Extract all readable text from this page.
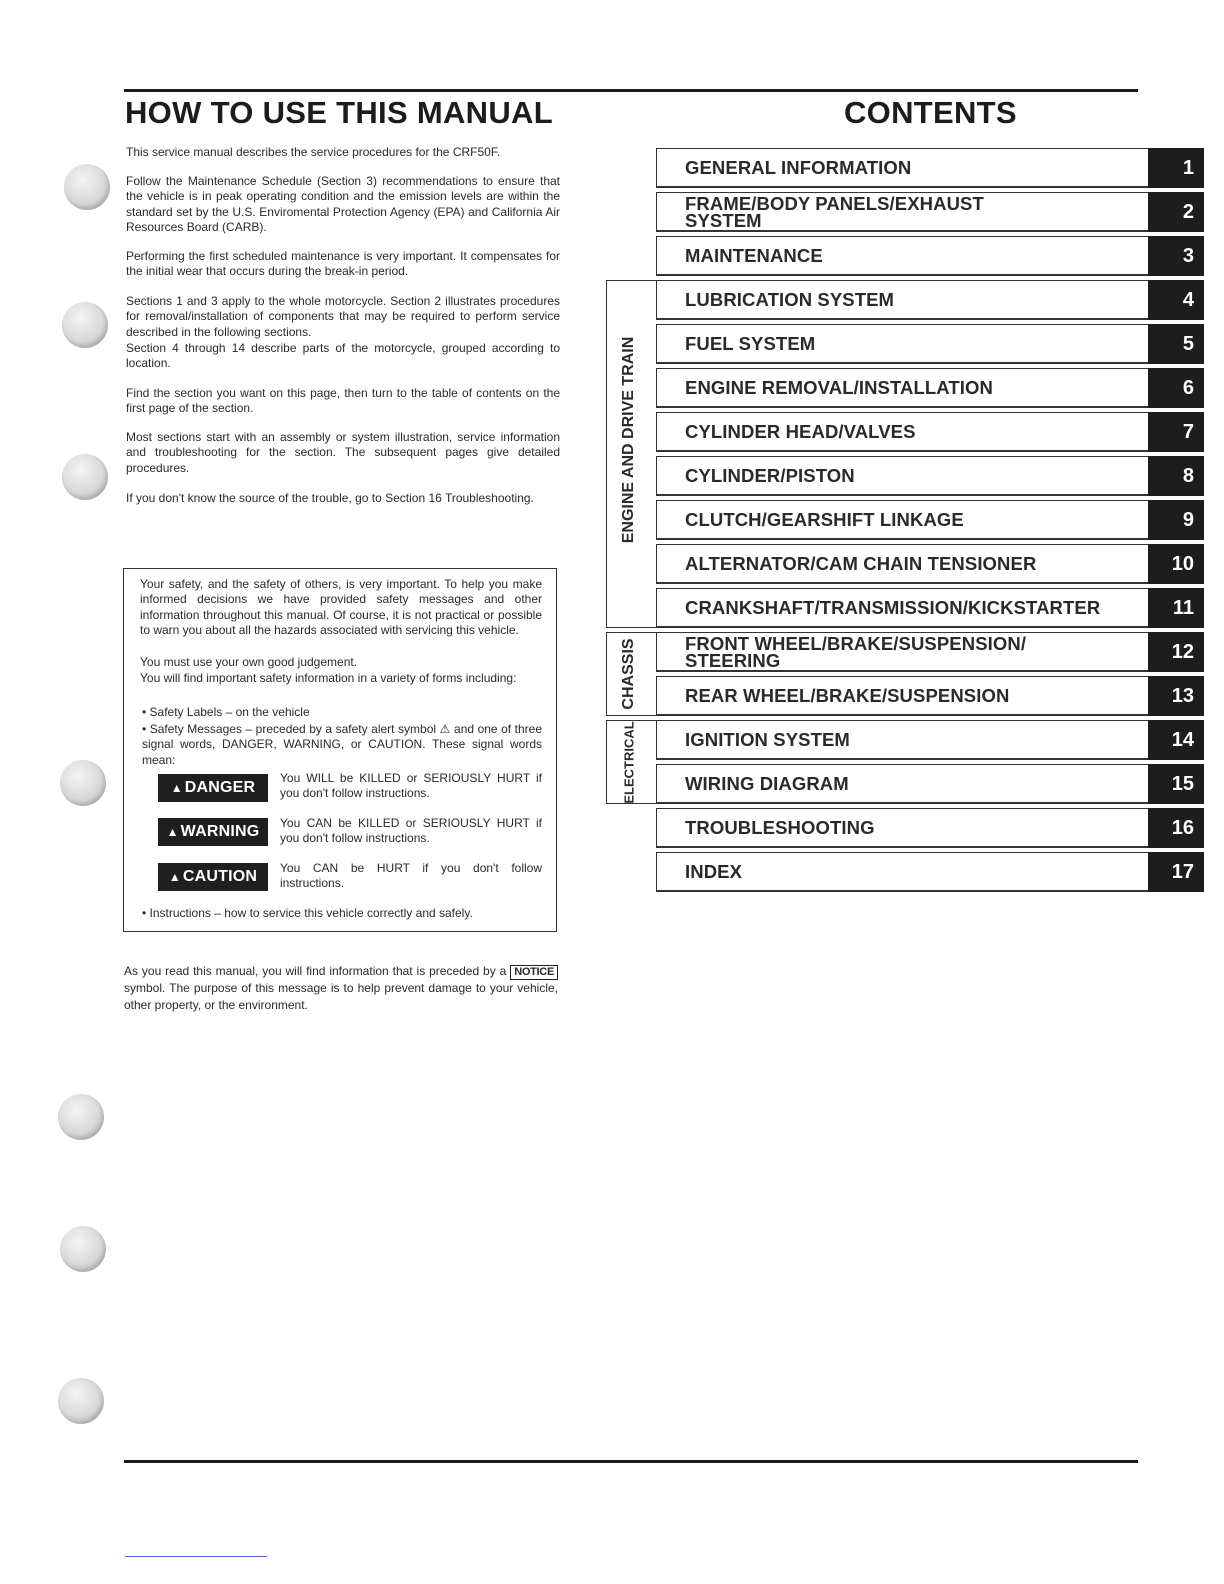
HOW TO USE THIS MANUAL

This service manual describes the service procedures for the CRF50F.

Follow the Maintenance Schedule (Section 3) recommendations to ensure that the vehicle is in peak operating condition and the emission levels are within the standard set by the U.S. Enviromental Protection Agency (EPA) and California Air Resources Board (CARB).

Performing the first scheduled maintenance is very important. It compensates for the initial wear that occurs during the break-in period.

Sections 1 and 3 apply to the whole motorcycle. Section 2 illustrates procedures for removal/installation of components that may be required to perform service described in the following sections.

Section 4 through 14 describe parts of the motorcycle, grouped according to location.

Find the section you want on this page, then turn to the table of contents on the first page of the section.

Most sections start with an assembly or system illustration, service information and troubleshooting for the section. The subsequent pages give detailed procedures.

If you don't know the source of the trouble, go to Section 16 Troubleshooting.

Your safety, and the safety of others, is very important. To help you make informed decisions we have provided safety messages and other information throughout this manual. Of course, it is not practical or possible to warn you about all the hazards associated with servicing this vehicle.

You must use your own good judgement.

You will find important safety information in a variety of forms including:

• Safety Labels – on the vehicle

• Safety Messages – preceded by a safety alert symbol ⚠ and one of three signal words, DANGER, WARNING, or CAUTION. These signal words mean:

▲ DANGER

You WILL be KILLED or SERIOUSLY HURT if you don't follow instructions.

▲ WARNING You CAN be KILLED or SERIOUSLY HURT if you don't follow instructions.

▲ CAUTION You CAN be HURT if you don't follow instructions.

• Instructions – how to service this vehicle correctly and safely.

As you read this manual, you will find information that is preceded by a NOTICE symbol. The purpose of this message is to help prevent damage to your vehicle, other property, or the environment.

CONTENTS
ENGINE AND DRIVE TRAIN
CHASSIS
ELECTRICAL
GENERAL INFORMATION	1
FRAME/BODY PANELS/EXHAUST SYSTEM	2
MAINTENANCE	3
LUBRICATION SYSTEM	4
FUEL SYSTEM	5
ENGINE REMOVAL/INSTALLATION	6
CYLINDER HEAD/VALVES	7
CYLINDER/PISTON	8
CLUTCH/GEARSHIFT LINKAGE	9
ALTERNATOR/CAM CHAIN TENSIONER	10
CRANKSHAFT/TRANSMISSION/KICKSTARTER	11
FRONT WHEEL/BRAKE/SUSPENSION/ STEERING	12
REAR WHEEL/BRAKE/SUSPENSION	13
IGNITION SYSTEM	14
WIRING DIAGRAM	15
TROUBLESHOOTING	16
INDEX	17
